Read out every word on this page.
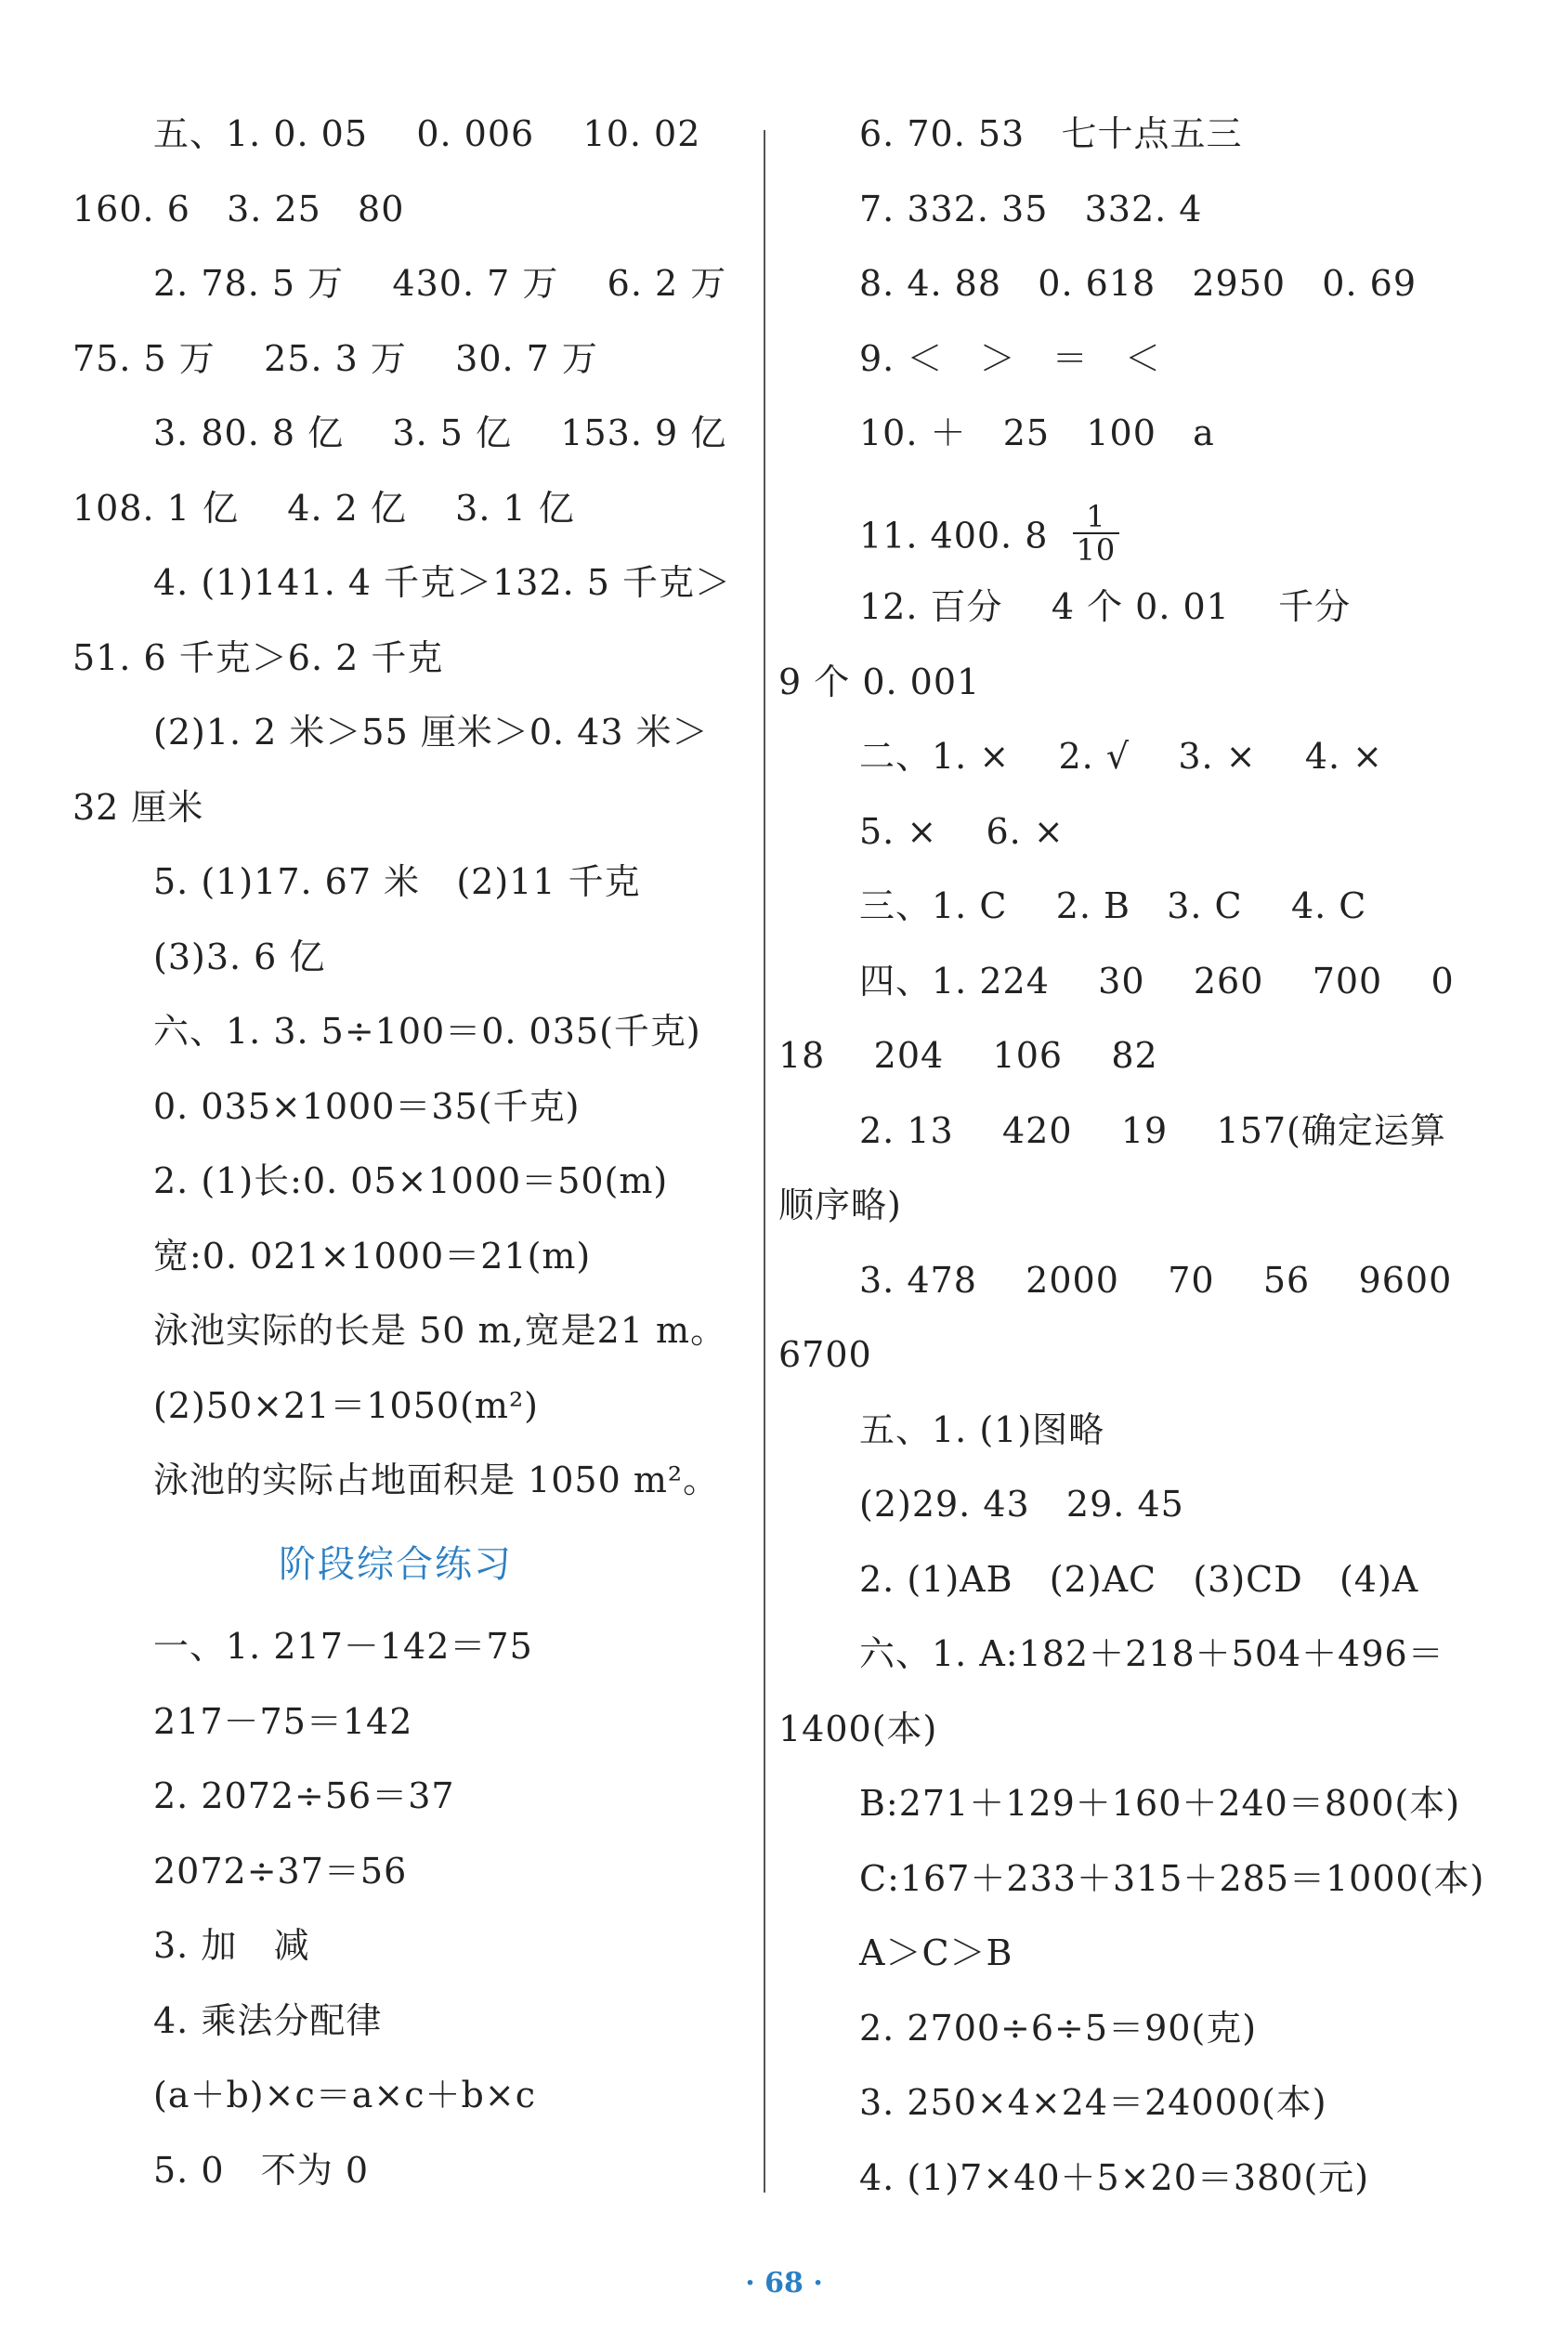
五、1. 0. 05    0. 006    10. 02
160. 6   3. 25   80
2. 78. 5 万    430. 7 万    6. 2 万
75. 5 万    25. 3 万    30. 7 万
3. 80. 8 亿    3. 5 亿    153. 9 亿
108. 1 亿    4. 2 亿    3. 1 亿
4. (1)141. 4 千克＞132. 5 千克＞
51. 6 千克＞6. 2 千克
(2)1. 2 米＞55 厘米＞0. 43 米＞
32 厘米
5. (1)17. 67 米   (2)11 千克
(3)3. 6 亿
六、1. 3. 5÷100＝0. 035(千克)
0. 035×1000＝35(千克)
2. (1)长:0. 05×1000＝50(m)
宽:0. 021×1000＝21(m)
泳池实际的长是 50 m,宽是21 m。
(2)50×21＝1050(m²)
泳池的实际占地面积是 1050 m²。
阶段综合练习
一、1. 217－142＝75
217－75＝142
2. 2072÷56＝37
2072÷37＝56
3. 加   减
4. 乘法分配律
(a＋b)×c＝a×c＋b×c
5. 0   不为 0
6. 70. 53   七十点五三
7. 332. 35   332. 4
8. 4. 88   0. 618   2950   0. 69
9. ＜   ＞   ＝   ＜
10. ＋   25   100   a
11. 400. $8 \frac{1}{10}$
12. 百分    4 个 0. 01    千分
9 个 0. 001
二、1. ×    2. √    3. ×    4. ×
5. ×    6. ×
三、1. C    2. B   3. C    4. C
四、1. 224    30    260    700    0
18    204    106    82
2. 13    420    19    157(确定运算
顺序略)
3. 478    2000    70    56    9600
6700
五、1. (1)图略
(2)29. 43   29. 45
2. (1)AB   (2)AC   (3)CD   (4)A
六、1. A:182＋218＋504＋496＝
1400(本)
B:271＋129＋160＋240＝800(本)
C:167＋233＋315＋285＝1000(本)
A＞C＞B
2. 2700÷6÷5＝90(克)
3. 250×4×24＝24000(本)
4. (1)7×40＋5×20＝380(元)
· 68 ·
